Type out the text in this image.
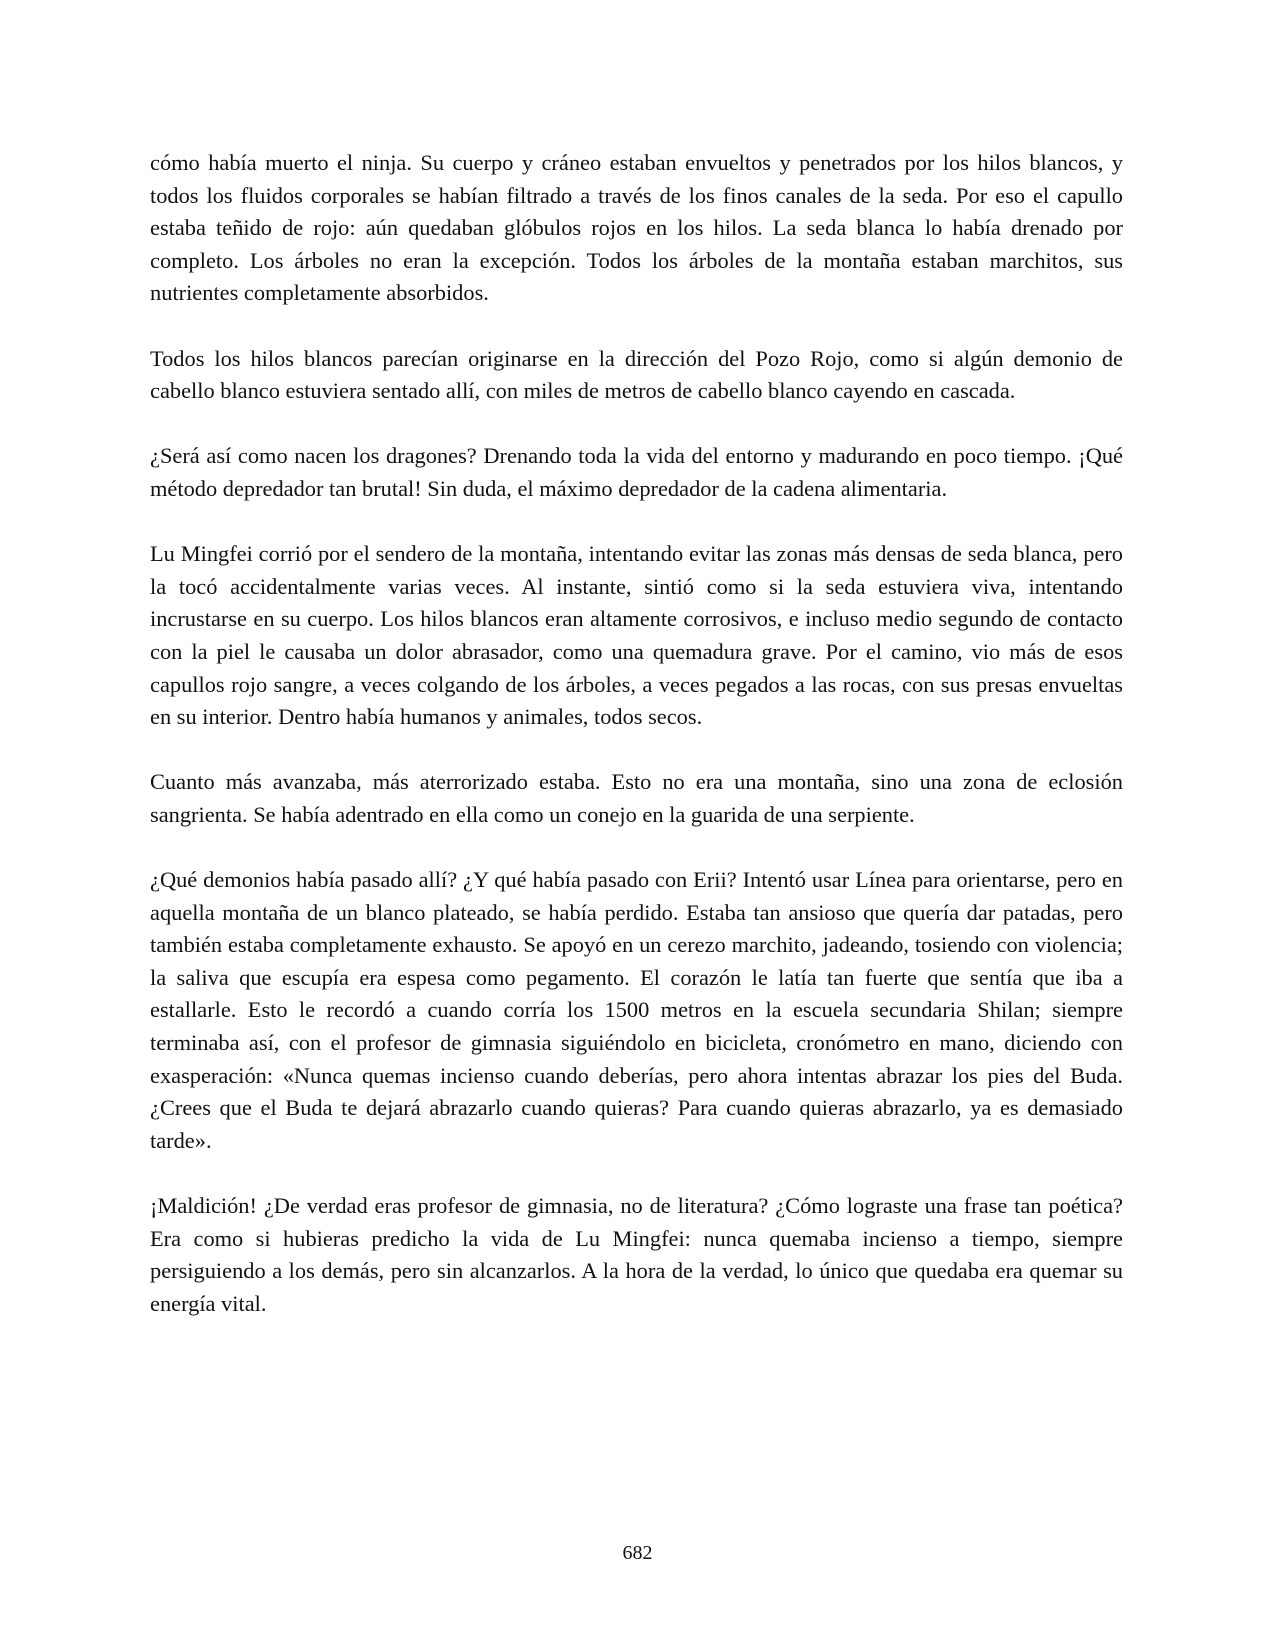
cómo había muerto el ninja. Su cuerpo y cráneo estaban envueltos y penetrados por los hilos blancos, y todos los fluidos corporales se habían filtrado a través de los finos canales de la seda. Por eso el capullo estaba teñido de rojo: aún quedaban glóbulos rojos en los hilos. La seda blanca lo había drenado por completo. Los árboles no eran la excepción. Todos los árboles de la montaña estaban marchitos, sus nutrientes completamente absorbidos.

Todos los hilos blancos parecían originarse en la dirección del Pozo Rojo, como si algún demonio de cabello blanco estuviera sentado allí, con miles de metros de cabello blanco cayendo en cascada.

¿Será así como nacen los dragones? Drenando toda la vida del entorno y madurando en poco tiempo. ¡Qué método depredador tan brutal! Sin duda, el máximo depredador de la cadena alimentaria.

Lu Mingfei corrió por el sendero de la montaña, intentando evitar las zonas más densas de seda blanca, pero la tocó accidentalmente varias veces. Al instante, sintió como si la seda estuviera viva, intentando incrustarse en su cuerpo. Los hilos blancos eran altamente corrosivos, e incluso medio segundo de contacto con la piel le causaba un dolor abrasador, como una quemadura grave. Por el camino, vio más de esos capullos rojo sangre, a veces colgando de los árboles, a veces pegados a las rocas, con sus presas envueltas en su interior. Dentro había humanos y animales, todos secos.

Cuanto más avanzaba, más aterrorizado estaba. Esto no era una montaña, sino una zona de eclosión sangrienta. Se había adentrado en ella como un conejo en la guarida de una serpiente.

¿Qué demonios había pasado allí? ¿Y qué había pasado con Erii? Intentó usar Línea para orientarse, pero en aquella montaña de un blanco plateado, se había perdido. Estaba tan ansioso que quería dar patadas, pero también estaba completamente exhausto. Se apoyó en un cerezo marchito, jadeando, tosiendo con violencia; la saliva que escupía era espesa como pegamento. El corazón le latía tan fuerte que sentía que iba a estallarle. Esto le recordó a cuando corría los 1500 metros en la escuela secundaria Shilan; siempre terminaba así, con el profesor de gimnasia siguiéndolo en bicicleta, cronómetro en mano, diciendo con exasperación: «Nunca quemas incienso cuando deberías, pero ahora intentas abrazar los pies del Buda. ¿Crees que el Buda te dejará abrazarlo cuando quieras? Para cuando quieras abrazarlo, ya es demasiado tarde».

¡Maldición! ¿De verdad eras profesor de gimnasia, no de literatura? ¿Cómo lograste una frase tan poética? Era como si hubieras predicho la vida de Lu Mingfei: nunca quemaba incienso a tiempo, siempre persiguiendo a los demás, pero sin alcanzarlos. A la hora de la verdad, lo único que quedaba era quemar su energía vital.

682
